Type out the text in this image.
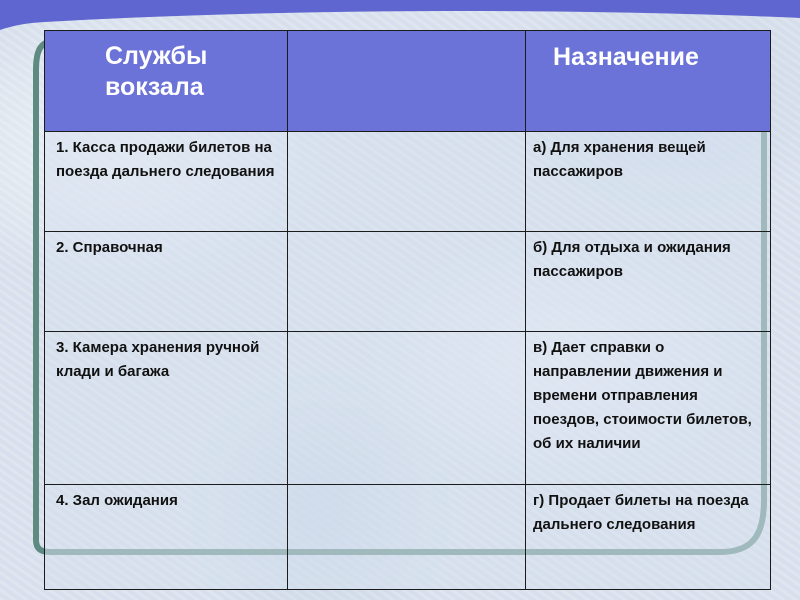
Службы вокзала		Назначение

1. Касса продажи билетов на поезда дальнего следования		а) Для хранения вещей пассажиров

2. Справочная		б) Для отдыха и ожидания пассажиров

3. Камера хранения ручной клади и багажа		в) Дает справки о направлении движения и времени отправления поездов, стоимости билетов, об их наличии

4. Зал ожидания		г) Продает билеты на поезда дальнего следования
